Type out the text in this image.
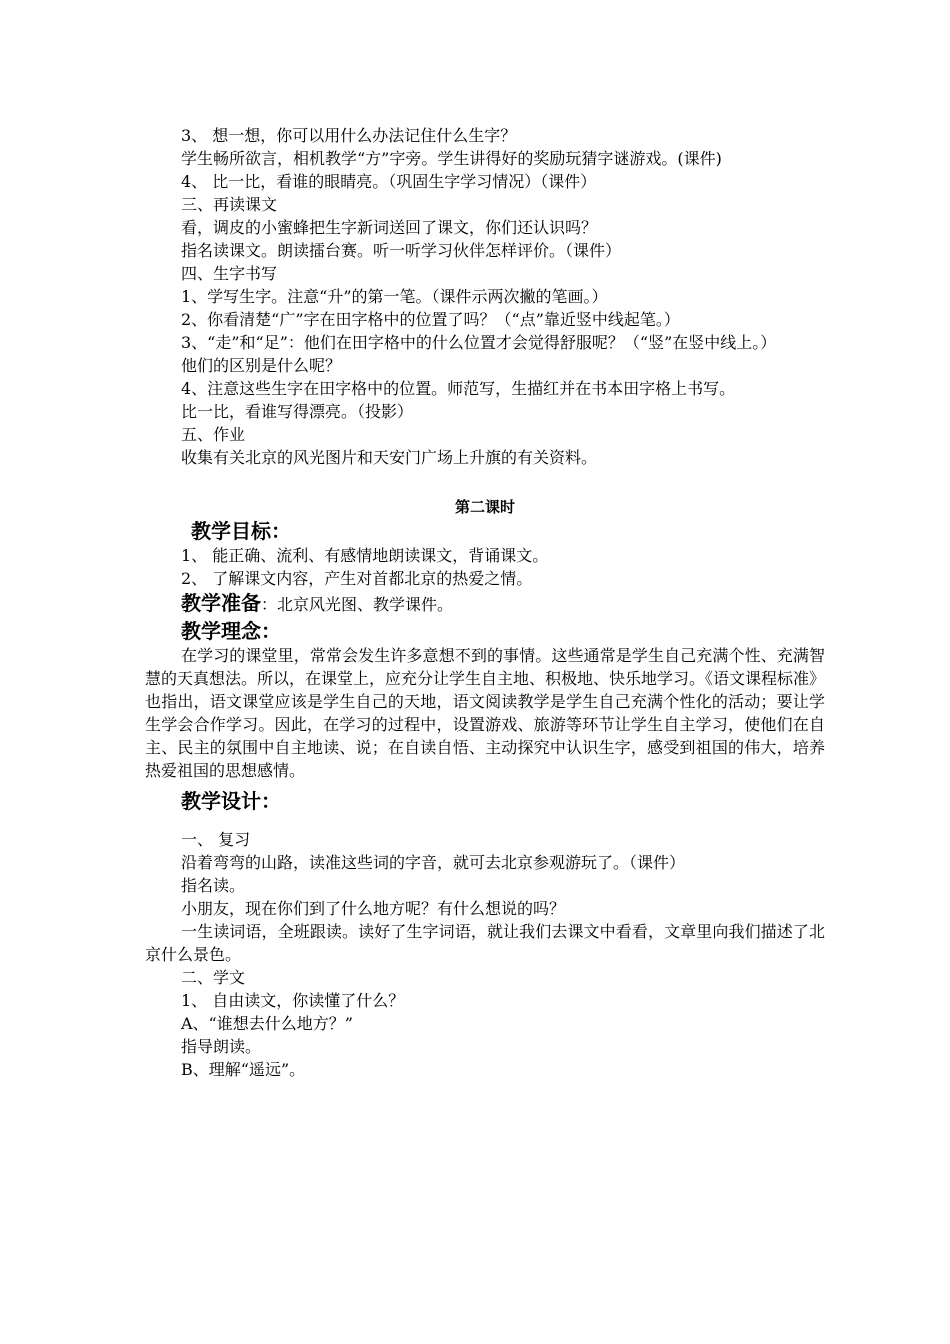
3、 想一想，你可以用什么办法记住什么生字？

学生畅所欲言，相机教学“方”字旁。学生讲得好的奖励玩猜字谜游戏。(课件)

4、 比一比，看谁的眼睛亮。（巩固生字学习情况）（课件）

三、再读课文

看，调皮的小蜜蜂把生字新词送回了课文，你们还认识吗？

指名读课文。朗读擂台赛。听一听学习伙伴怎样评价。（课件）

四、生字书写

1、学写生字。注意“升”的第一笔。（课件示两次撇的笔画。）

2、你看清楚“广”字在田字格中的位置了吗？（“点”靠近竖中线起笔。）

3、“走”和“足”：他们在田字格中的什么位置才会觉得舒服呢？（“竖”在竖中线上。）

他们的区别是什么呢？

4、注意这些生字在田字格中的位置。师范写，生描红并在书本田字格上书写。

比一比，看谁写得漂亮。（投影）

五、作业

收集有关北京的风光图片和天安门广场上升旗的有关资料。

第二课时
教学目标：

1、 能正确、流利、有感情地朗读课文，背诵课文。

2、 了解课文内容，产生对首都北京的热爱之情。

教学准备：北京风光图、教学课件。
教学理念：

在学习的课堂里，常常会发生许多意想不到的事情。这些通常是学生自己充满个性、充满智慧的天真想法。所以，在课堂上，应充分让学生自主地、积极地、快乐地学习。《语文课程标准》也指出，语文课堂应该是学生自己的天地，语文阅读教学是学生自己充满个性化的活动；要让学生学会合作学习。因此，在学习的过程中，设置游戏、旅游等环节让学生自主学习，使他们在自主、民主的氛围中自主地读、说；在自读自悟、主动探究中认识生字，感受到祖国的伟大，培养热爱祖国的思想感情。

教学设计：

一、 复习

沿着弯弯的山路，读准这些词的字音，就可去北京参观游玩了。（课件）

指名读。

小朋友，现在你们到了什么地方呢？有什么想说的吗？

一生读词语，全班跟读。读好了生字词语，就让我们去课文中看看，文章里向我们描述了北京什么景色。

二、学文

1、 自由读文，你读懂了什么？

A、“谁想去什么地方？”

指导朗读。

B、理解“遥远”。
